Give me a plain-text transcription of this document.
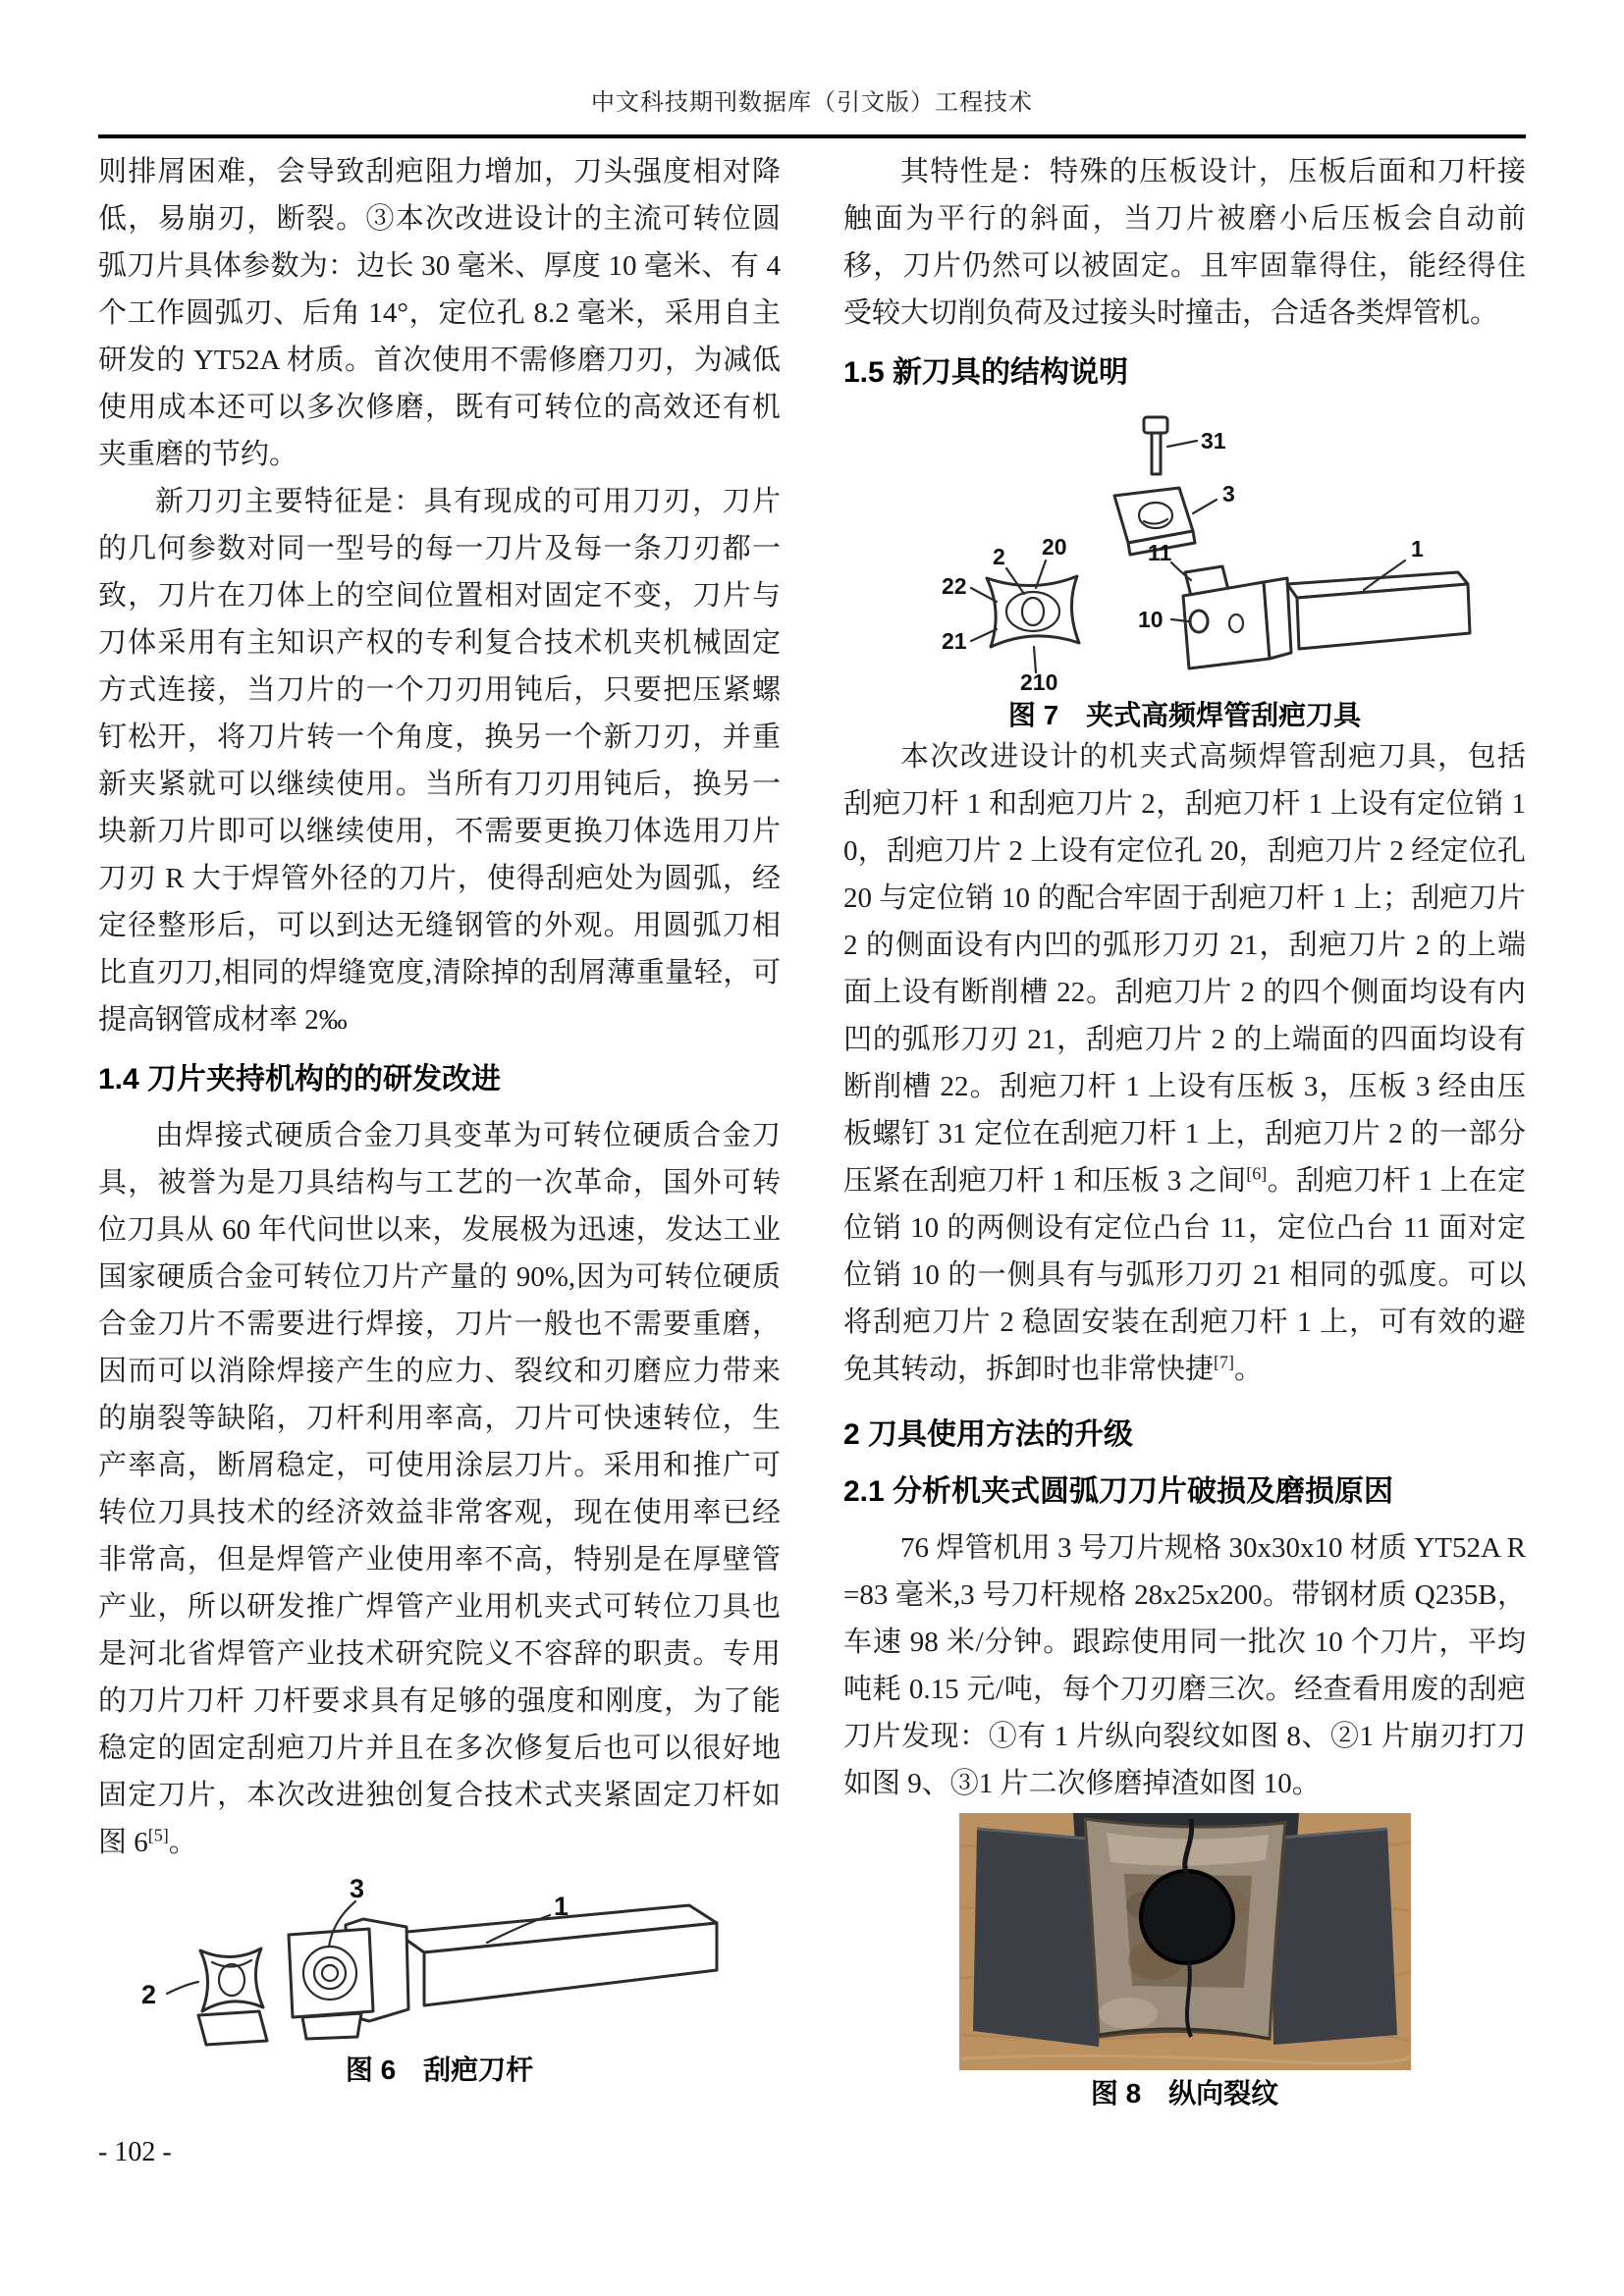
中文科技期刊数据库（引文版）工程技术

则排屑困难，会导致刮疤阻力增加，刀头强度相对降低，易崩刃，断裂。③本次改进设计的主流可转位圆弧刀片具体参数为：边长 30 毫米、厚度 10 毫米、有 4 个工作圆弧刃、后角 14°，定位孔 8.2 毫米，采用自主研发的 YT52A 材质。首次使用不需修磨刀刃，为减低使用成本还可以多次修磨，既有可转位的高效还有机夹重磨的节约。

新刀刃主要特征是：具有现成的可用刀刃，刀片的几何参数对同一型号的每一刀片及每一条刀刃都一致，刀片在刀体上的空间位置相对固定不变，刀片与刀体采用有主知识产权的专利复合技术机夹机械固定方式连接，当刀片的一个刀刃用钝后，只要把压紧螺钉松开，将刀片转一个角度，换另一个新刀刃，并重新夹紧就可以继续使用。当所有刀刃用钝后，换另一块新刀片即可以继续使用，不需要更换刀体选用刀片刀刃 R 大于焊管外径的刀片，使得刮疤处为圆弧，经定径整形后，可以到达无缝钢管的外观。用圆弧刀相比直刃刀,相同的焊缝宽度,清除掉的刮屑薄重量轻，可提高钢管成材率 2‰

1.4 刀片夹持机构的的研发改进

由焊接式硬质合金刀具变革为可转位硬质合金刀具，被誉为是刀具结构与工艺的一次革命，国外可转位刀具从 60 年代问世以来，发展极为迅速，发达工业国家硬质合金可转位刀片产量的 90%,因为可转位硬质合金刀片不需要进行焊接，刀片一般也不需要重磨，因而可以消除焊接产生的应力、裂纹和刃磨应力带来的崩裂等缺陷，刀杆利用率高，刀片可快速转位，生产率高，断屑稳定，可使用涂层刀片。采用和推广可转位刀具技术的经济效益非常客观，现在使用率已经非常高，但是焊管产业使用率不高，特别是在厚壁管产业，所以研发推广焊管产业用机夹式可转位刀具也是河北省焊管产业技术研究院义不容辞的职责。专用的刀片刀杆 刀杆要求具有足够的强度和刚度，为了能稳定的固定刮疤刀片并且在多次修复后也可以很好地固定刀片，本次改进独创复合技术式夹紧固定刀杆如图 6[5]。

3
1
2
图 6　刮疤刀杆
- 102 -

其特性是：特殊的压板设计，压板后面和刀杆接触面为平行的斜面，当刀片被磨小后压板会自动前移，刀片仍然可以被固定。且牢固靠得住，能经得住受较大切削负荷及过接头时撞击，合适各类焊管机。

1.5 新刀具的结构说明
31
3
2 20
22
21
210
11
10
1
图 7　夹式高频焊管刮疤刀具

本次改进设计的机夹式高频焊管刮疤刀具，包括刮疤刀杆 1 和刮疤刀片 2，刮疤刀杆 1 上设有定位销 10，刮疤刀片 2 上设有定位孔 20，刮疤刀片 2 经定位孔 20 与定位销 10 的配合牢固于刮疤刀杆 1 上；刮疤刀片 2 的侧面设有内凹的弧形刀刃 21，刮疤刀片 2 的上端面上设有断削槽 22。刮疤刀片 2 的四个侧面均设有内凹的弧形刀刃 21，刮疤刀片 2 的上端面的四面均设有断削槽 22。刮疤刀杆 1 上设有压板 3，压板 3 经由压板螺钉 31 定位在刮疤刀杆 1 上，刮疤刀片 2 的一部分压紧在刮疤刀杆 1 和压板 3 之间[6]。刮疤刀杆 1 上在定位销 10 的两侧设有定位凸台 11，定位凸台 11 面对定位销 10 的一侧具有与弧形刀刃 21 相同的弧度。可以将刮疤刀片 2 稳固安装在刮疤刀杆 1 上，可有效的避免其转动，拆卸时也非常快捷[7]。

2 刀具使用方法的升级
2.1 分析机夹式圆弧刀刀片破损及磨损原因

76 焊管机用 3 号刀片规格 30x30x10 材质 YT52A R=83 毫米,3 号刀杆规格 28x25x200。带钢材质 Q235B，车速 98 米/分钟。跟踪使用同一批次 10 个刀片，平均吨耗 0.15 元/吨，每个刀刃磨三次。经查看用废的刮疤刀片发现：①有 1 片纵向裂纹如图 8、②1 片崩刃打刀如图 9、③1 片二次修磨掉渣如图 10。

图 8　纵向裂纹
